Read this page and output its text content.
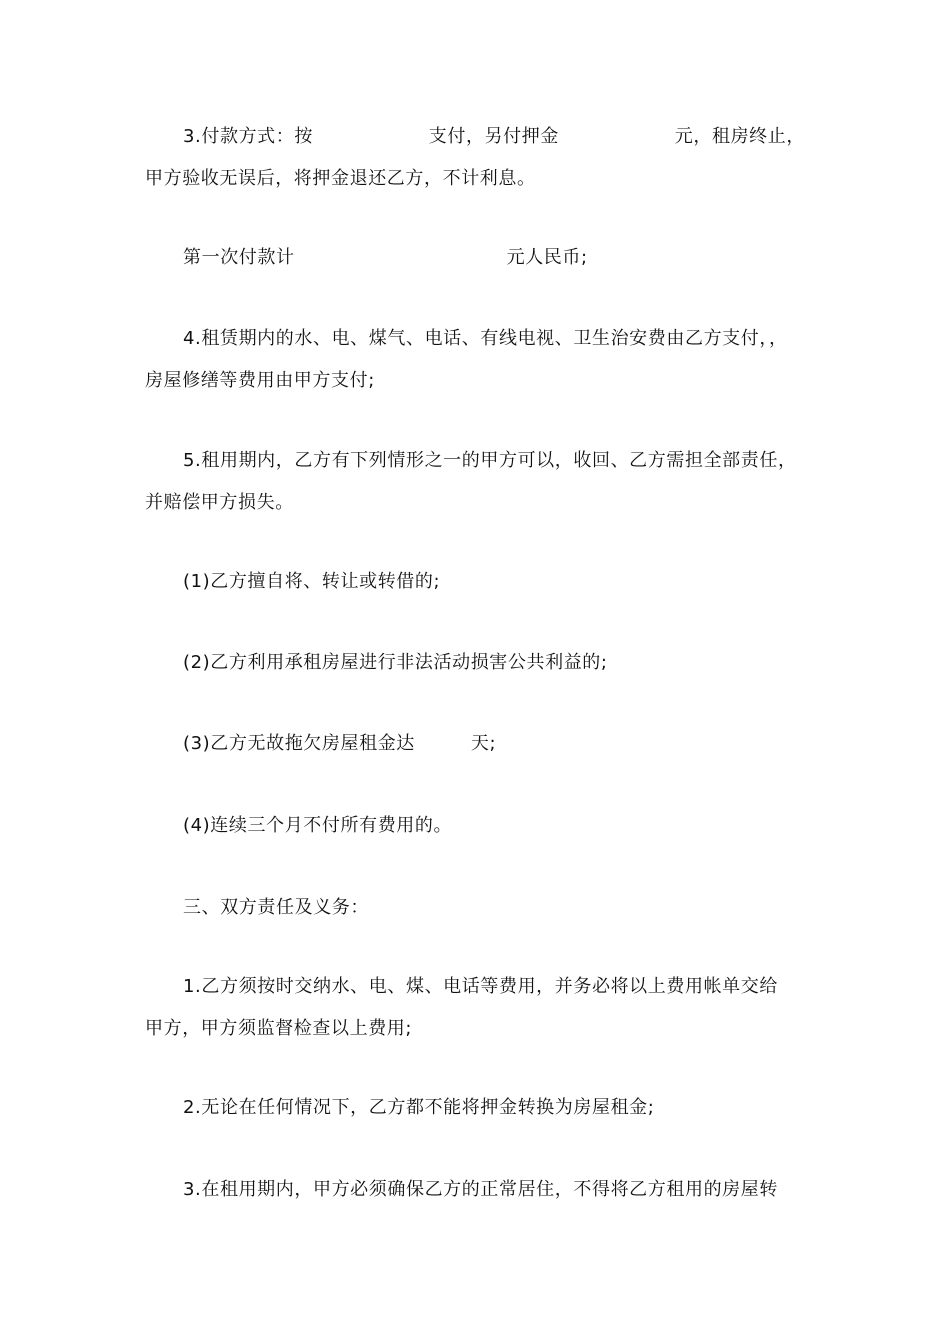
3.付款方式：按	支付，另付押金	元，租房终止，
甲方验收无误后，将押金退还乙方，不计利息。
第一次付款计	元人民币;
4.租赁期内的水、电、煤气、电话、有线电视、卫生治安费由乙方支付，，
房屋修缮等费用由甲方支付;
5.租用期内，乙方有下列情形之一的甲方可以，收回、乙方需担全部责任，
并赔偿甲方损失。
(1)乙方擅自将、转让或转借的;
(2)乙方利用承租房屋进行非法活动损害公共利益的;
(3)乙方无故拖欠房屋租金达	天;
(4)连续三个月不付所有费用的。
三、双方责任及义务：
1.乙方须按时交纳水、电、煤、电话等费用，并务必将以上费用帐单交给
甲方，甲方须监督检查以上费用;
2.无论在任何情况下，乙方都不能将押金转换为房屋租金;
3.在租用期内，甲方必须确保乙方的正常居住，不得将乙方租用的房屋转
